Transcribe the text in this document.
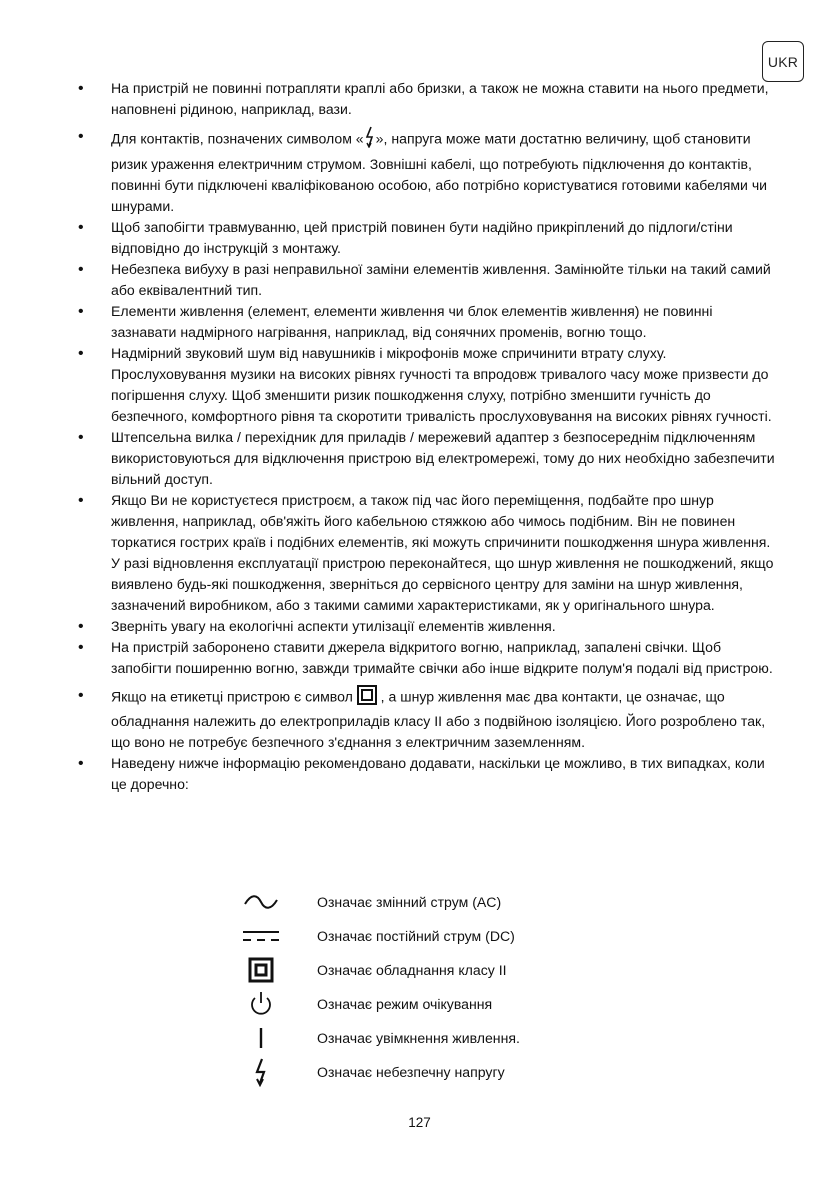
UKR
• На пристрій не повинні потрапляти краплі або бризки, а також не можна ставити на нього предмети, наповнені рідиною, наприклад, вази.
• Для контактів, позначених символом « », напруга може мати достатню величину, щоб становити ризик ураження електричним струмом. Зовнішні кабелі, що потребують підключення до контактів, повинні бути підключені кваліфікованою особою, або потрібно користуватися готовими кабелями чи шнурами.
• Щоб запобігти травмуванню, цей пристрій повинен бути надійно прикріплений до підлоги/стіни відповідно до інструкцій з монтажу.
• Небезпека вибуху в разі неправильної заміни елементів живлення. Замінюйте тільки на такий самий або еквівалентний тип.
• Елементи живлення (елемент, елементи живлення чи блок елементів живлення) не повинні зазнавати надмірного нагрівання, наприклад, від сонячних променів, вогню тощо.
• Надмірний звуковий шум від навушників і мікрофонів може спричинити втрату слуху. Прослуховування музики на високих рівнях гучності та впродовж тривалого часу може призвести до погіршення слуху. Щоб зменшити ризик пошкодження слуху, потрібно зменшити гучність до безпечного, комфортного рівня та скоротити тривалість прослуховування на високих рівнях гучності.
• Штепсельна вилка / перехідник для приладів / мережевий адаптер з безпосереднім підключенням використовуються для відключення пристрою від електромережі, тому до них необхідно забезпечити вільний доступ.
• Якщо Ви не користуєтеся пристроєм, а також під час його переміщення, подбайте про шнур живлення, наприклад, обв'яжіть його кабельною стяжкою або чимось подібним. Він не повинен торкатися гострих країв і подібних елементів, які можуть спричинити пошкодження шнура живлення. У разі відновлення експлуатації пристрою переконайтеся, що шнур живлення не пошкоджений, якщо виявлено будь-які пошкодження, зверніться до сервісного центру для заміни на шнур живлення, зазначений виробником, або з такими самими характеристиками, як у оригінального шнура.
• Зверніть увагу на екологічні аспекти утилізації елементів живлення.
• На пристрій заборонено ставити джерела відкритого вогню, наприклад, запалені свічки. Щоб запобігти поширенню вогню, завжди тримайте свічки або інше відкрите полум'я подалі від пристрою.
• Якщо на етикетці пристрою є символ  , а шнур живлення має два контакти, це означає, що обладнання належить до електроприладів класу II або з подвійною ізоляцією. Його розроблено так, що воно не потребує безпечного з'єднання з електричним заземленням.
• Наведену нижче інформацію рекомендовано додавати, наскільки це можливо, в тих випадках, коли це доречно:
Означає змінний струм (AC)
Означає постійний струм (DC)
Означає обладнання класу II
Означає режим очікування
Означає увімкнення живлення.
Означає небезпечну напругу
127
